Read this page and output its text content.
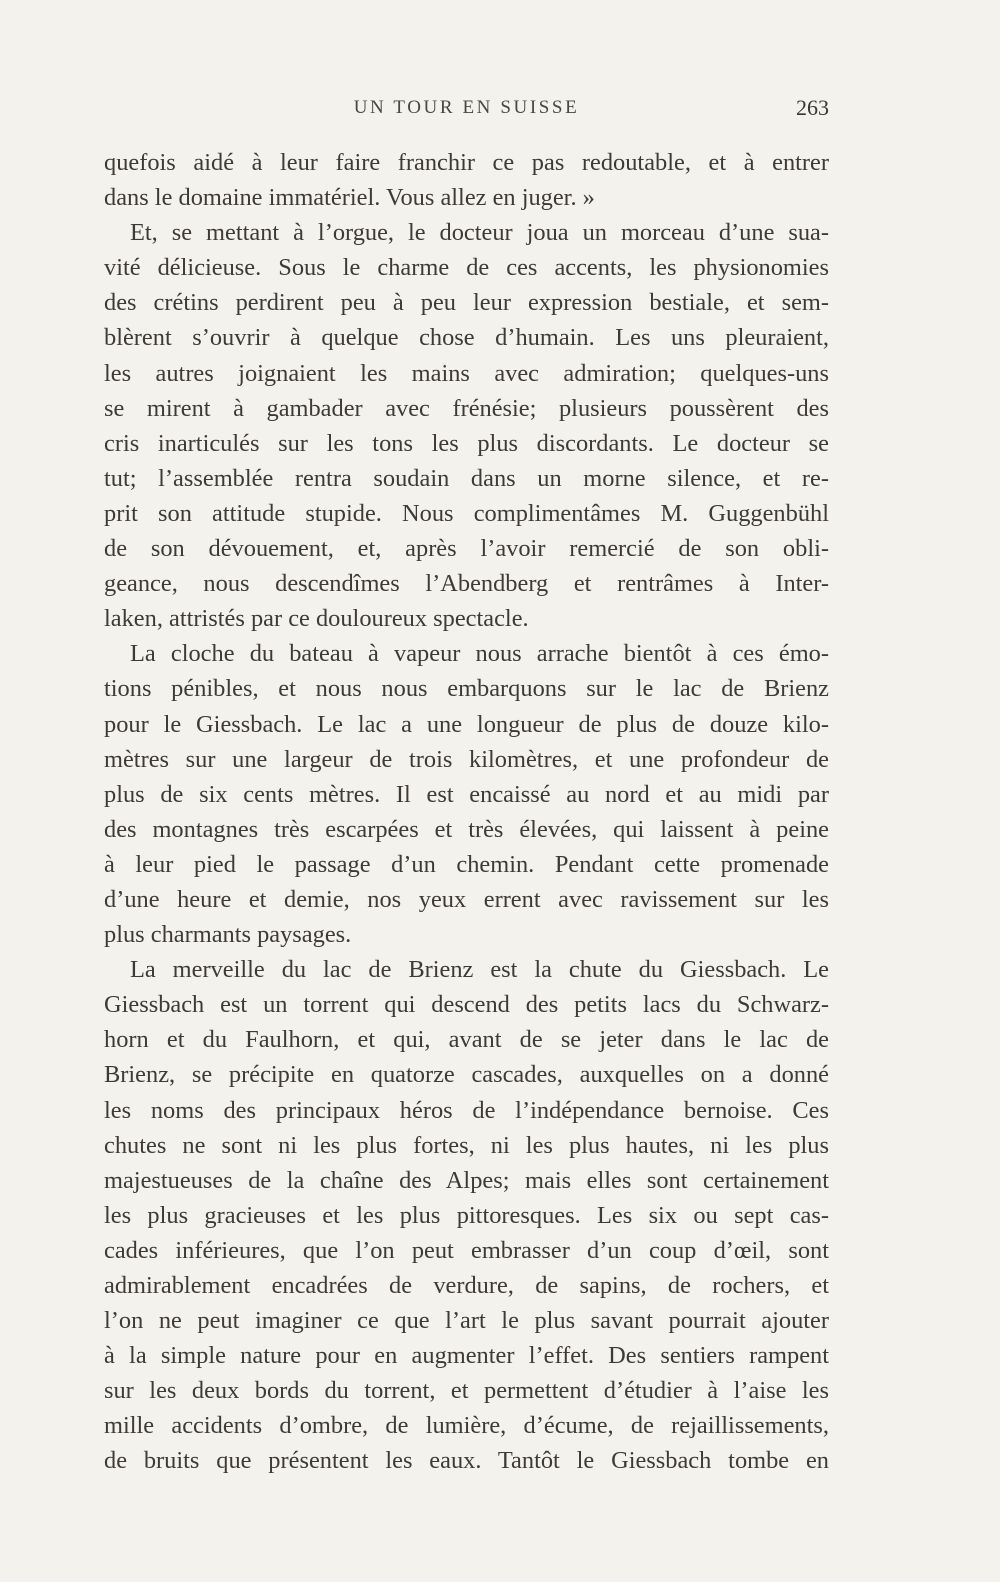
UN TOUR EN SUISSE	263
quefois aidé à leur faire franchir ce pas redoutable, et à entrer
dans le domaine immatériel. Vous allez en juger. »
Et, se mettant à l’orgue, le docteur joua un morceau d’une sua-
vité délicieuse. Sous le charme de ces accents, les physionomies
des crétins perdirent peu à peu leur expression bestiale, et sem-
blèrent s’ouvrir à quelque chose d’humain. Les uns pleuraient,
les autres joignaient les mains avec admiration; quelques-uns
se mirent à gambader avec frénésie; plusieurs poussèrent des
cris inarticulés sur les tons les plus discordants. Le docteur se
tut; l’assemblée rentra soudain dans un morne silence, et re-
prit son attitude stupide. Nous complimentâmes M. Guggenbühl
de son dévouement, et, après l’avoir remercié de son obli-
geance, nous descendîmes l’Abendberg et rentrâmes à Inter-
laken, attristés par ce douloureux spectacle.
La cloche du bateau à vapeur nous arrache bientôt à ces émo-
tions pénibles, et nous nous embarquons sur le lac de Brienz
pour le Giessbach. Le lac a une longueur de plus de douze kilo-
mètres sur une largeur de trois kilomètres, et une profondeur de
plus de six cents mètres. Il est encaissé au nord et au midi par
des montagnes très escarpées et très élevées, qui laissent à peine
à leur pied le passage d’un chemin. Pendant cette promenade
d’une heure et demie, nos yeux errent avec ravissement sur les
plus charmants paysages.
La merveille du lac de Brienz est la chute du Giessbach. Le
Giessbach est un torrent qui descend des petits lacs du Schwarz-
horn et du Faulhorn, et qui, avant de se jeter dans le lac de
Brienz, se précipite en quatorze cascades, auxquelles on a donné
les noms des principaux héros de l’indépendance bernoise. Ces
chutes ne sont ni les plus fortes, ni les plus hautes, ni les plus
majestueuses de la chaîne des Alpes; mais elles sont certainement
les plus gracieuses et les plus pittoresques. Les six ou sept cas-
cades inférieures, que l’on peut embrasser d’un coup d’œil, sont
admirablement encadrées de verdure, de sapins, de rochers, et
l’on ne peut imaginer ce que l’art le plus savant pourrait ajouter
à la simple nature pour en augmenter l’effet. Des sentiers rampent
sur les deux bords du torrent, et permettent d’étudier à l’aise les
mille accidents d’ombre, de lumière, d’écume, de rejaillissements,
de bruits que présentent les eaux. Tantôt le Giessbach tombe en
